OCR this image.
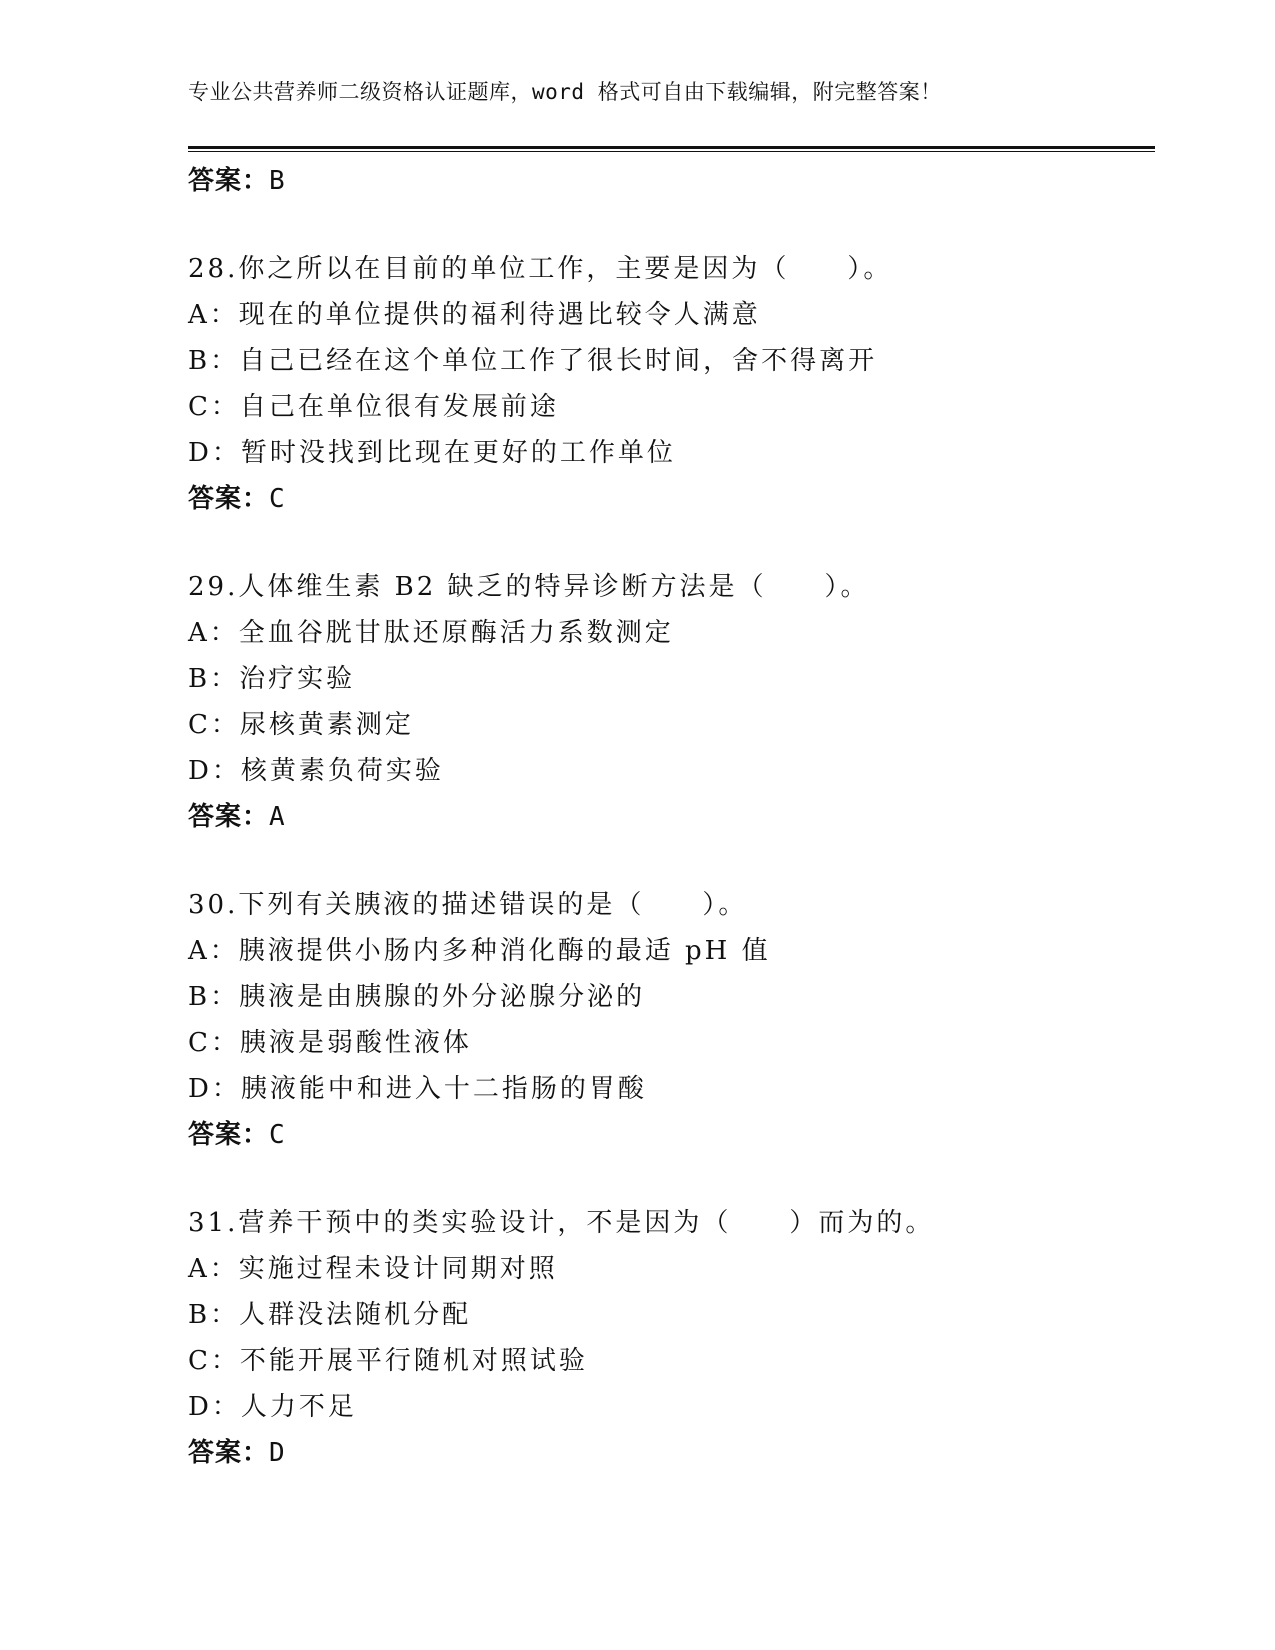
专业公共营养师二级资格认证题库，word 格式可自由下载编辑，附完整答案！
答案：B
28.你之所以在目前的单位工作，主要是因为（　　）。
A：现在的单位提供的福利待遇比较令人满意
B：自己已经在这个单位工作了很长时间，舍不得离开
C：自己在单位很有发展前途
D：暂时没找到比现在更好的工作单位
答案：C
29.人体维生素 B2 缺乏的特异诊断方法是（　　）。
A：全血谷胱甘肽还原酶活力系数测定
B：治疗实验
C：尿核黄素测定
D：核黄素负荷实验
答案：A
30.下列有关胰液的描述错误的是（　　）。
A：胰液提供小肠内多种消化酶的最适 pH 值
B：胰液是由胰腺的外分泌腺分泌的
C：胰液是弱酸性液体
D：胰液能中和进入十二指肠的胃酸
答案：C
31.营养干预中的类实验设计，不是因为（　　）而为的。
A：实施过程未设计同期对照
B：人群没法随机分配
C：不能开展平行随机对照试验
D：人力不足
答案：D
